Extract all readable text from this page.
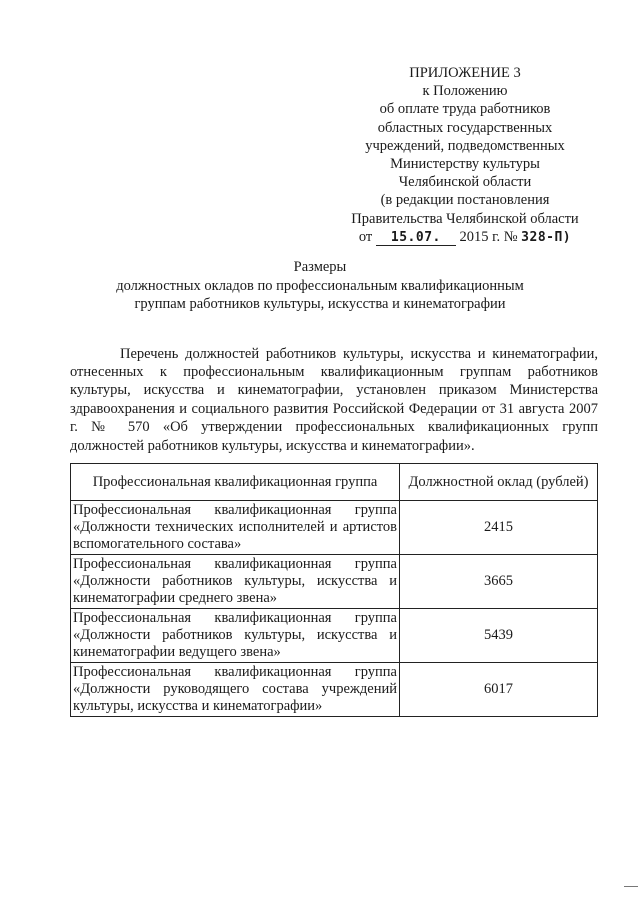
ПРИЛОЖЕНИЕ 3
к Положению
об оплате труда работников
областных государственных
учреждений, подведомственных
Министерству культуры
Челябинской области
(в редакции постановления
Правительства Челябинской области
от 15.07. 2015 г. № 328-П)
Размеры
должностных окладов по профессиональным квалификационным
группам работников культуры, искусства и кинематографии

Перечень должностей работников культуры, искусства и кинематографии, отнесенных к профессиональным квалификационным группам работников культуры, искусства и кинематографии, установлен приказом Министерства здравоохранения и социального развития Российской Федерации от 31 августа 2007 г. № 570 «Об утверждении профессиональных квалификационных групп должностей работников культуры, искусства и кинематографии».

Профессиональная квалификационная группа	Должностной оклад (рублей)
Профессиональная квалификационная группа «Должности технических исполнителей и артистов вспомогательного состава»	2415
Профессиональная квалификационная группа «Должности работников культуры, искусства и кинематографии среднего звена»	3665
Профессиональная квалификационная группа «Должности работников культуры, искусства и кинематографии ведущего звена»	5439
Профессиональная квалификационная группа «Должности руководящего состава учреждений культуры, искусства и кинематографии»	6017
